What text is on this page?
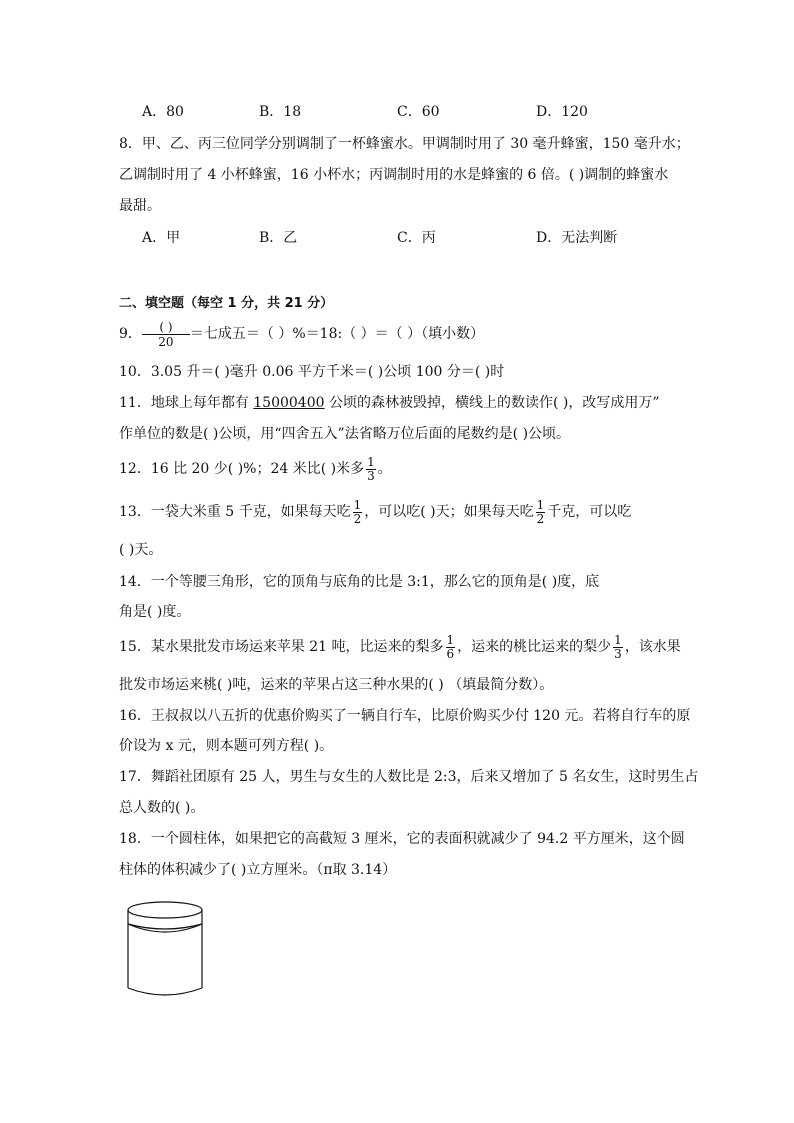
A．80	B．18	C．60	D．120
8．甲、乙、丙三位同学分别调制了一杯蜂蜜水。甲调制时用了 30 毫升蜂蜜，150 毫升水；
乙调制时用了 4 小杯蜂蜜，16 小杯水；丙调制时用的水是蜂蜜的 6 倍。( )调制的蜂蜜水
最甜。
A．甲	B．乙	C．丙	D．无法判断
二、填空题（每空 1 分，共 21 分）
9．	( )
20	＝七成五＝（ ）%＝18:（ ）＝（ ）（填小数）
10．3.05 升＝( )毫升 0.06 平方千米＝( )公顷 100 分＝( )时
11．地球上每年都有 15000400 公顷的森林被毁掉，横线上的数读作( )，改写成用万”
作单位的数是( )公顷，用“四舍五入”法省略万位后面的尾数约是( )公顷。
12．16 比 20 少( )%；24 米比( )米多 $\frac{1}{3}$ 。
13．一袋大米重 5 千克，如果每天吃 $\frac{1}{2}$ ，可以吃( )天；如果每天吃 $\frac{1}{2}$ 千克，可以吃
( )天。
14．一个等腰三角形，它的顶角与底角的比是 3:1，那么它的顶角是( )度，底
角是( )度。
15．某水果批发市场运来苹果 21 吨，比运来的梨多 $\frac{1}{6}$ ，运来的桃比运来的梨少 $\frac{1}{3}$ ，该水果
批发市场运来桃( )吨，运来的苹果占这三种水果的( ) （填最简分数）。
16．王叔叔以八五折的优惠价购买了一辆自行车，比原价购买少付 120 元。若将自行车的原
价设为 x 元，则本题可列方程( )。
17．舞蹈社团原有 25 人，男生与女生的人数比是 2:3，后来又增加了 5 名女生，这时男生占
总人数的( )。
18．一个圆柱体，如果把它的高截短 3 厘米，它的表面积就减少了 94.2 平方厘米，这个圆
柱体的体积减少了( )立方厘米。（π取 3.14）
